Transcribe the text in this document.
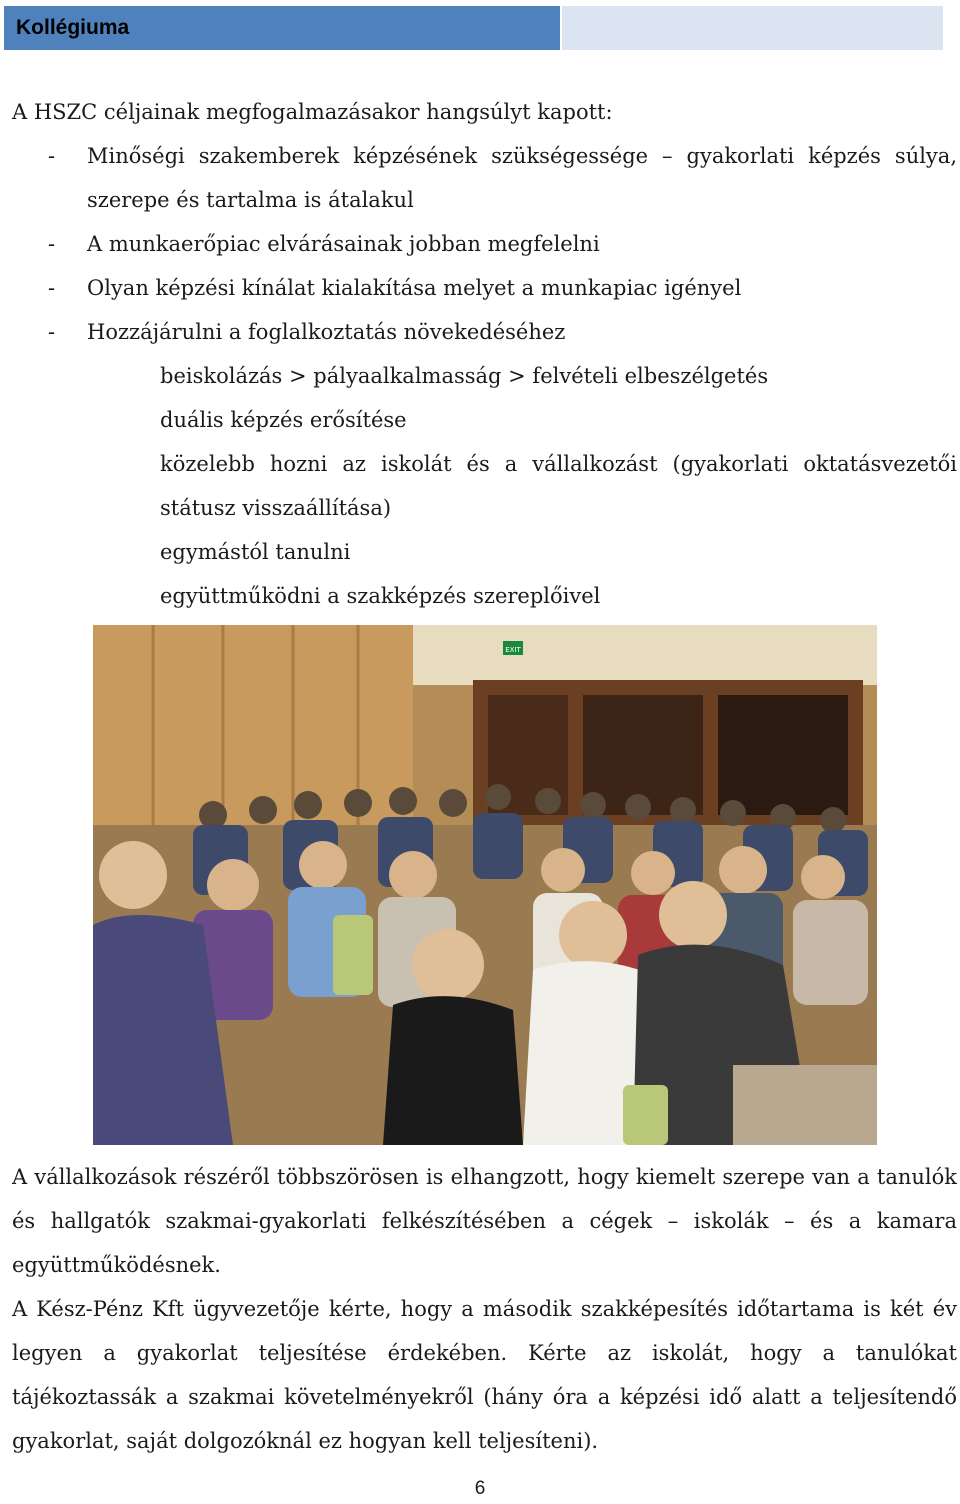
Kollégiuma

A HSZC céljainak megfogalmazásakor hangsúlyt kapott:

- Minőségi szakemberek képzésének szükségessége – gyakorlati képzés súlya, szerepe és tartalma is átalakul
- A munkaerőpiac elvárásainak jobban megfelelni
- Olyan képzési kínálat kialakítása melyet a munkapiac igényel
- Hozzájárulni a foglalkoztatás növekedéséhez
beiskolázás > pályaalkalmasság > felvételi elbeszélgetés
duális képzés erősítése
közelebb hozni az iskolát és a vállalkozást (gyakorlati oktatásvezetői státusz visszaállítása)
egymástól tanulni
együttműködni a szakképzés szereplőivel
EXIT

A vállalkozások részéről többszörösen is elhangzott, hogy kiemelt szerepe van a tanulók és hallgatók szakmai-gyakorlati felkészítésében a cégek – iskolák – és a kamara együttműködésnek.

A Kész-Pénz Kft ügyvezetője kérte, hogy a második szakképesítés időtartama is két év legyen a gyakorlat teljesítése érdekében. Kérte az iskolát, hogy a tanulókat tájékoztassák a szakmai követelményekről (hány óra a képzési idő alatt a teljesítendő gyakorlat, saját dolgozóknál ez hogyan kell teljesíteni).

6
